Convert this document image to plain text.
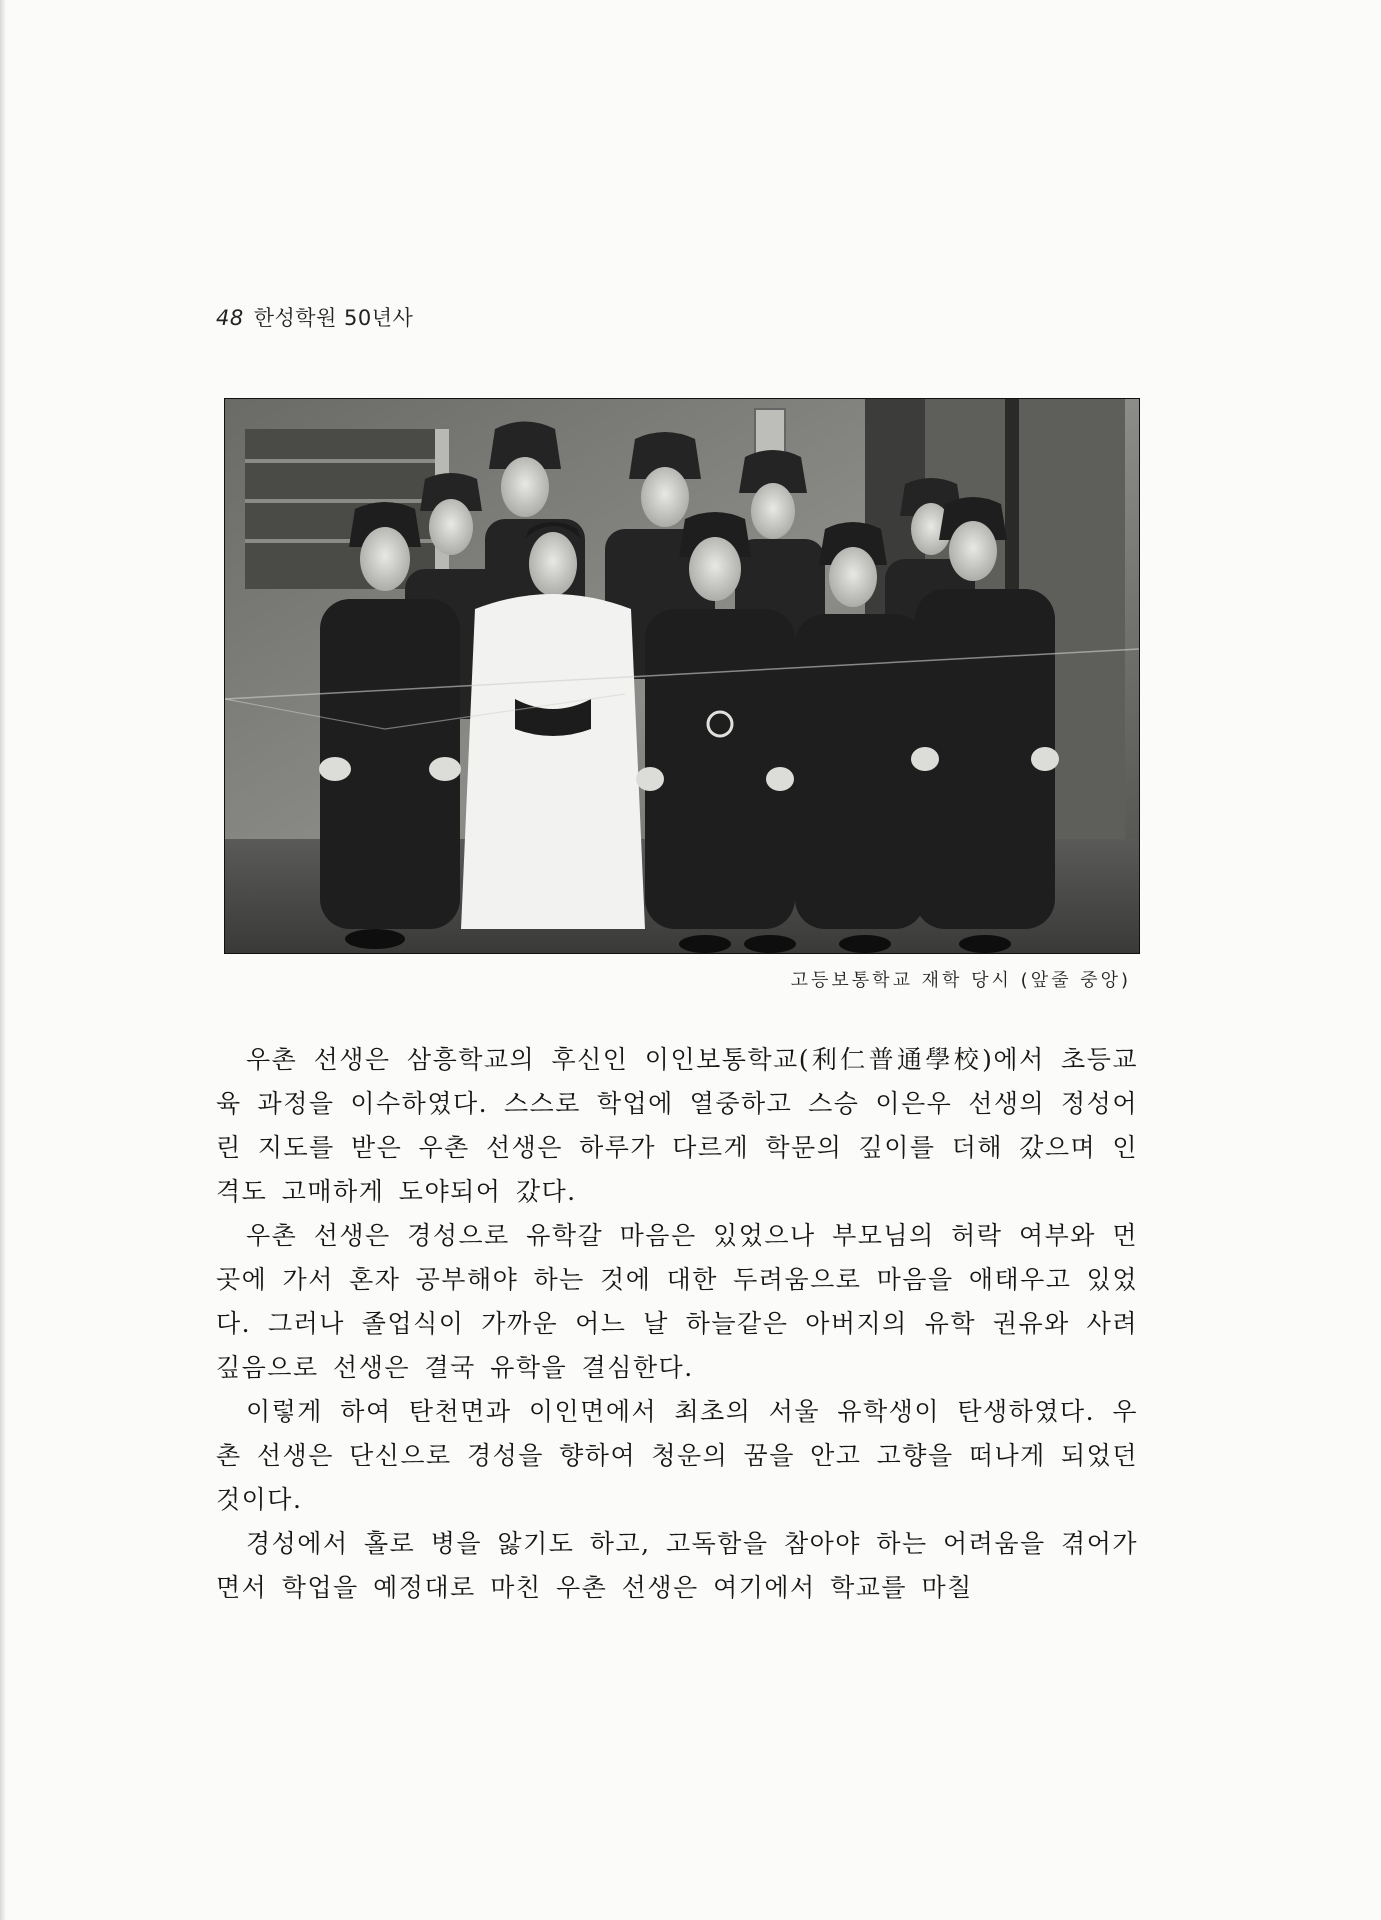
48 한성학원 50년사
고등보통학교 재학 당시 (앞줄 중앙)

우촌 선생은 삼흥학교의 후신인 이인보통학교(利仁普通學校)에서 초등교육 과정을 이수하였다. 스스로 학업에 열중하고 스승 이은우 선생의 정성어린 지도를 받은 우촌 선생은 하루가 다르게 학문의 깊이를 더해 갔으며 인격도 고매하게 도야되어 갔다.

우촌 선생은 경성으로 유학갈 마음은 있었으나 부모님의 허락 여부와 먼 곳에 가서 혼자 공부해야 하는 것에 대한 두려움으로 마음을 애태우고 있었다. 그러나 졸업식이 가까운 어느 날 하늘같은 아버지의 유학 권유와 사려 깊음으로 선생은 결국 유학을 결심한다.

이렇게 하여 탄천면과 이인면에서 최초의 서울 유학생이 탄생하였다. 우촌 선생은 단신으로 경성을 향하여 청운의 꿈을 안고 고향을 떠나게 되었던 것이다.

경성에서 홀로 병을 앓기도 하고, 고독함을 참아야 하는 어려움을 겪어가면서 학업을 예정대로 마친 우촌 선생은 여기에서 학교를 마칠
